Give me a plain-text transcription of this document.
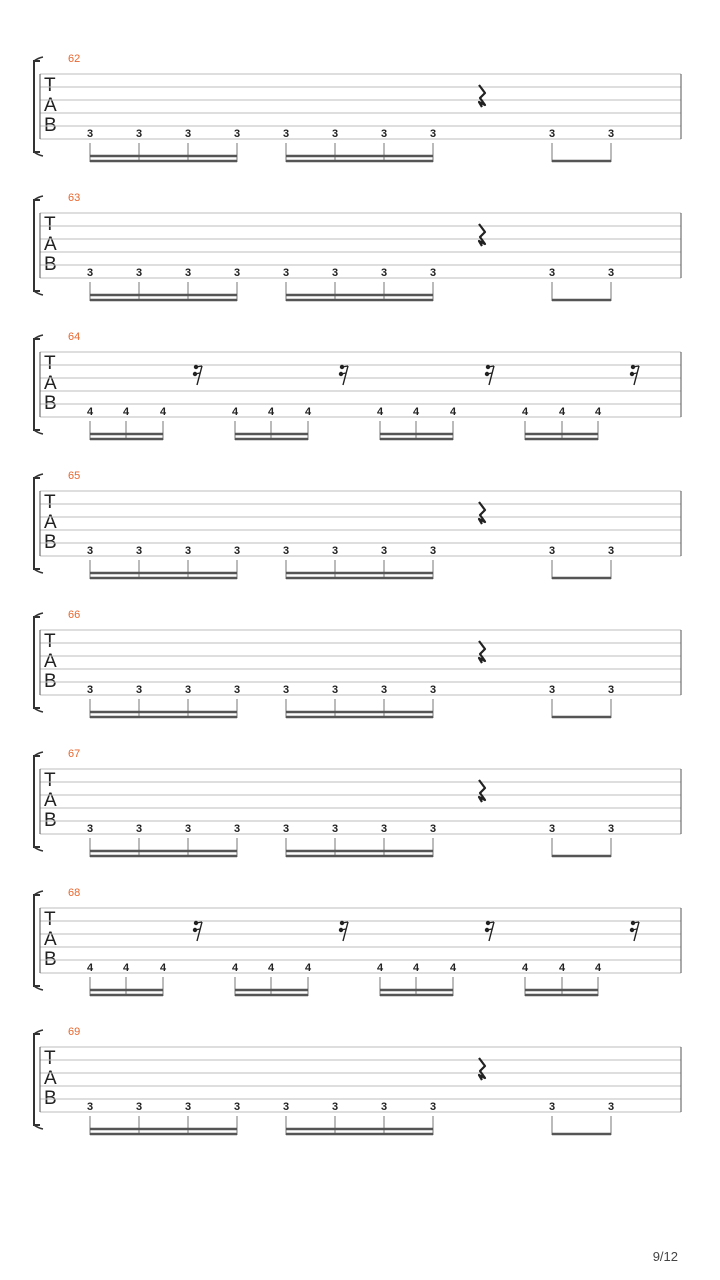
62
T
A
B	3	3	3	3	3	3	3	3	3	3
63
T
A
B	3	3	3	3	3	3	3	3	3	3
64
T
A
B	4	4	4	4	4	4	4	4	4	4	4	4
65
T
A
B	3	3	3	3	3	3	3	3	3	3
66
T
A
B	3	3	3	3	3	3	3	3	3	3
67
T
A
B	3	3	3	3	3	3	3	3	3	3
68
T
A
B	4	4	4	4	4	4	4	4	4	4	4	4
69
T
A
B	3	3	3	3	3	3	3	3	3	3
9/12
